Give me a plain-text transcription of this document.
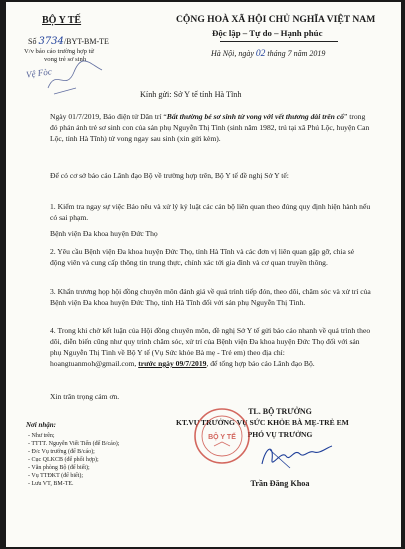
BỘ Y TẾ	CỘNG HOÀ XÃ HỘI CHỦ NGHĨA VIỆT NAM
Độc lập – Tự do – Hạnh phúc
Số 3734/BYT-BM-TE
V/v báo cáo trường hợp tử
vong trẻ sơ sinh
Vệ Fòc
Hà Nội, ngày 02 tháng 7 năm 2019
Kính gửi: Sở Y tế tỉnh Hà Tĩnh
Ngày 01/7/2019, Báo điện tử Dân trí “Bất thường bé sơ sinh tử vong với vết thương dài trên cổ” trong đó phản ánh trẻ sơ sinh con của sản phụ Nguyễn Thị Tình (sinh năm 1982, trú tại xã Phú Lộc, huyện Can Lộc, tỉnh Hà Tĩnh) tử vong ngay sau sinh (xin gửi kèm).
Để có cơ sở báo cáo Lãnh đạo Bộ về trường hợp trên, Bộ Y tế đề nghị Sở Y tế:
1. Kiểm tra ngay sự việc Báo nêu và xử lý kỷ luật các cán bộ liên quan theo đúng quy định hiện hành nếu có sai phạm.
Bệnh viện Đa khoa huyện Đức Thọ
2. Yêu cầu Bệnh viện Đa khoa huyện Đức Thọ, tỉnh Hà Tĩnh và các đơn vị liên quan gặp gỡ, chia sẻ động viên và cung cấp thông tin trung thực, chính xác tới gia đình và cơ quan truyền thông.
3. Khẩn trương họp hội đồng chuyên môn đánh giá về quá trình tiếp đón, theo dõi, chăm sóc và xử trí của Bệnh viện Đa khoa huyện Đức Thọ, tỉnh Hà Tĩnh đối với sản phụ Nguyễn Thị Tình.
4. Trong khi chờ kết luận của Hội đồng chuyên môn, đề nghị Sở Y tế gửi báo cáo nhanh về quá trình theo dõi, diễn biến cũng như quy trình chăm sóc, xử trí của Bệnh viện Đa khoa huyện Đức Thọ đối với sản phụ Nguyễn Thị Tình về Bộ Y tế (Vụ Sức khỏe Bà mẹ - Trẻ em) theo địa chỉ: hoangtuanmoh@gmail.com, trước ngày 09/7/2019, để tổng hợp báo cáo Lãnh đạo Bộ.
Xin trân trọng cảm ơn.
Nơi nhận:
- Như trên;
- TTTT. Nguyễn Viết Tiến (để B/cáo);
- Đ/c Vụ trưởng (để B/cáo);
- Cục QLKCB (để phối hợp);
- Văn phòng Bộ (để biết);
- Vụ TTĐKT (để biết);
- Lưu VT, BM-TE.
TL. BỘ TRƯỞNG
KT.VỤ TRƯỞNG VỤ SỨC KHỎE BÀ MẸ-TRẺ EM
PHÓ VỤ TRƯỞNG
BỘ Y TẾ
Trần Đăng Khoa
